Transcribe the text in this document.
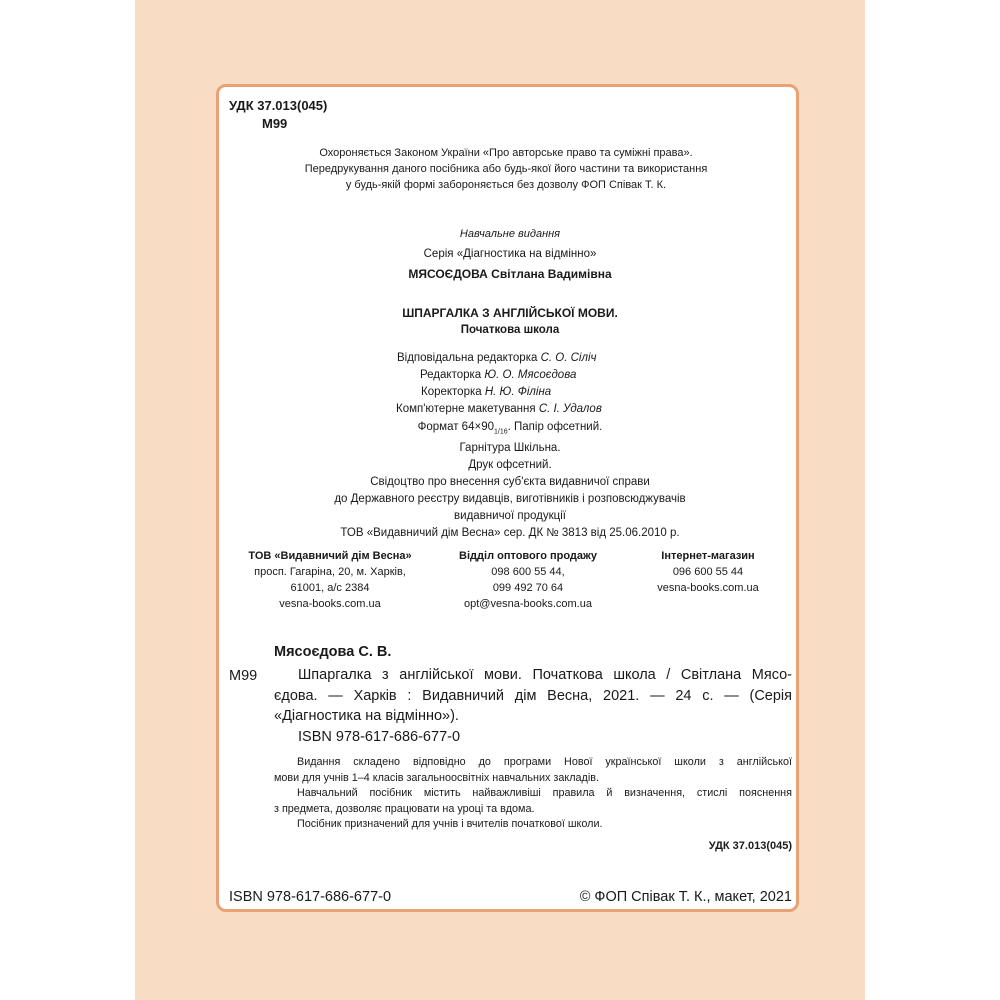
УДК 37.013(045)
М99
Охороняється Законом України «Про авторське право та суміжні права».
Передрукування даного посібника або будь-якої його частини та використання
у будь-якій формі забороняється без дозволу ФОП Співак Т. К.
Навчальне видання
Серія «Діагностика на відмінно»
МЯСОЄДОВА Світлана Вадимівна
ШПАРГАЛКА З АНГЛІЙСЬКОЇ МОВИ.
Початкова школа
Відповідальна редакторка С. О. Сіліч
Редакторка Ю. О. Мясоєдова
Коректорка Н. Ю. Філіна
Комп'ютерне макетування С. І. Удалов
Формат $64\times 90_{1/16}$. Папір офсетний.
Гарнітура Шкільна.
Друк офсетний.
Свідоцтво про внесення суб'єкта видавничої справи
до Державного реєстру видавців, виготівників і розповсюджувачів
видавничої продукції
ТОВ «Видавничий дім Весна» сер. ДК № 3813 від 25.06.2010 р.
ТОВ «Видавничий дім Весна»
просп. Гагаріна, 20, м. Харків,
61001, а/с 2384
vesna-books.com.ua
Відділ оптового продажу
098 600 55 44,
099 492 70 64
opt@vesna-books.com.ua
Інтернет-магазин
096 600 55 44
vesna-books.com.ua
Мясоєдова С. В.
М99	Шпаргалка з англійської мови. Початкова школа / Світлана Мясо-
єдова. — Харків : Видавничий дім Весна, 2021. — 24 с. — (Серія
«Діагностика на відмінно»).
ISBN 978-617-686-677-0
Видання складено відповідно до програми Нової української школи з англійської
мови для учнів 1–4 класів загальноосвітніх навчальних закладів.
Навчальний посібник містить найважливіші правила й визначення, стислі пояснення
з предмета, дозволяє працювати на уроці та вдома.
Посібник призначений для учнів і вчителів початкової школи.
УДК 37.013(045)
ISBN 978-617-686-677-0	© ФОП Співак Т. К., макет, 2021
